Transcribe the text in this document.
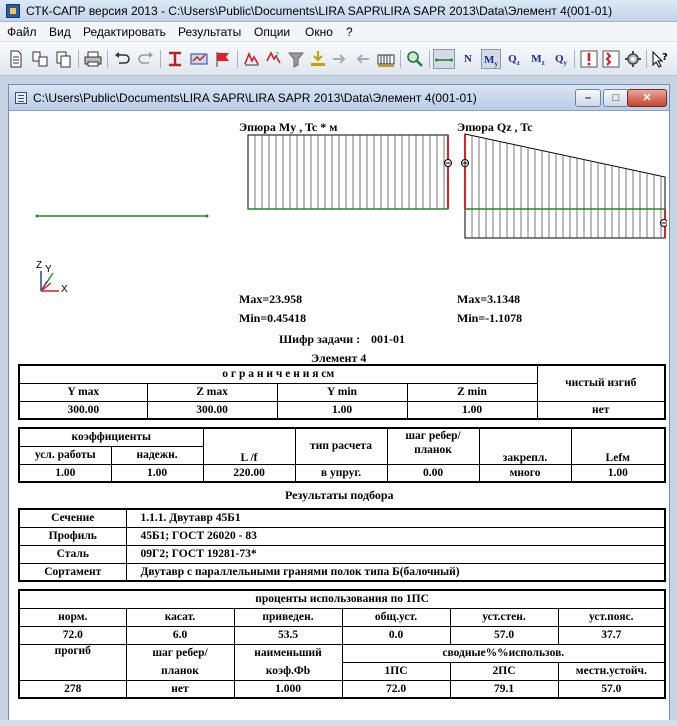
СТК-САПР версия 2013 - C:\Users\Public\Documents\LIRA SAPR\LIRA SAPR 2013\Data\Элемент 4(001-01)
Файл Вид Редактировать Результаты Опции Окно ?
?	N	$M_y$ $Q_z$	$M_z$ $Q_y$
?
C:\Users\Public\Documents\LIRA SAPR\LIRA SAPR 2013\Data\Элемент 4(001-01)	–	□	✕
Эпюра My , Tc * м
Max=23.958
Min=0.45418
Эпюра Qz , Tc
Max=3.1348
Min=-1.1078
Z Y
X
Шифр задачи : 001-01
Элемент 4
о г р а н и ч е н и я см				чистый изгиб
Y max	Z max	Y min	Z min	
300.00	300.00	1.00	1.00	нет
коэффициенты		L /f	тип расчета	шаг ребер/ планок	закрепл.	Lefм
усл. работы	надежн.					
1.00	1.00	220.00	в упруг.	0.00	много	1.00
Результаты подбора
Сечение	1.1.1. Двутавр 45Б1
Профиль	45Б1; ГОСТ 26020 - 83
Сталь	09Г2; ГОСТ 19281-73*
Сортамент	Двутавр с параллельными гранями полок типа Б(балочный)
проценты использования по 1ПС					
норм.	касат.	приведен.	общ.уст.	уст.стен.	уст.пояс.
72.0	6.0	53.5	0.0	57.0	37.7
прогиб	шаг ребер/	наименьший	сводные%%использов.		
	планок	коэф.Фb	1ПС	2ПС	местн.устойч.
278	нет	1.000	72.0	79.1	57.0
